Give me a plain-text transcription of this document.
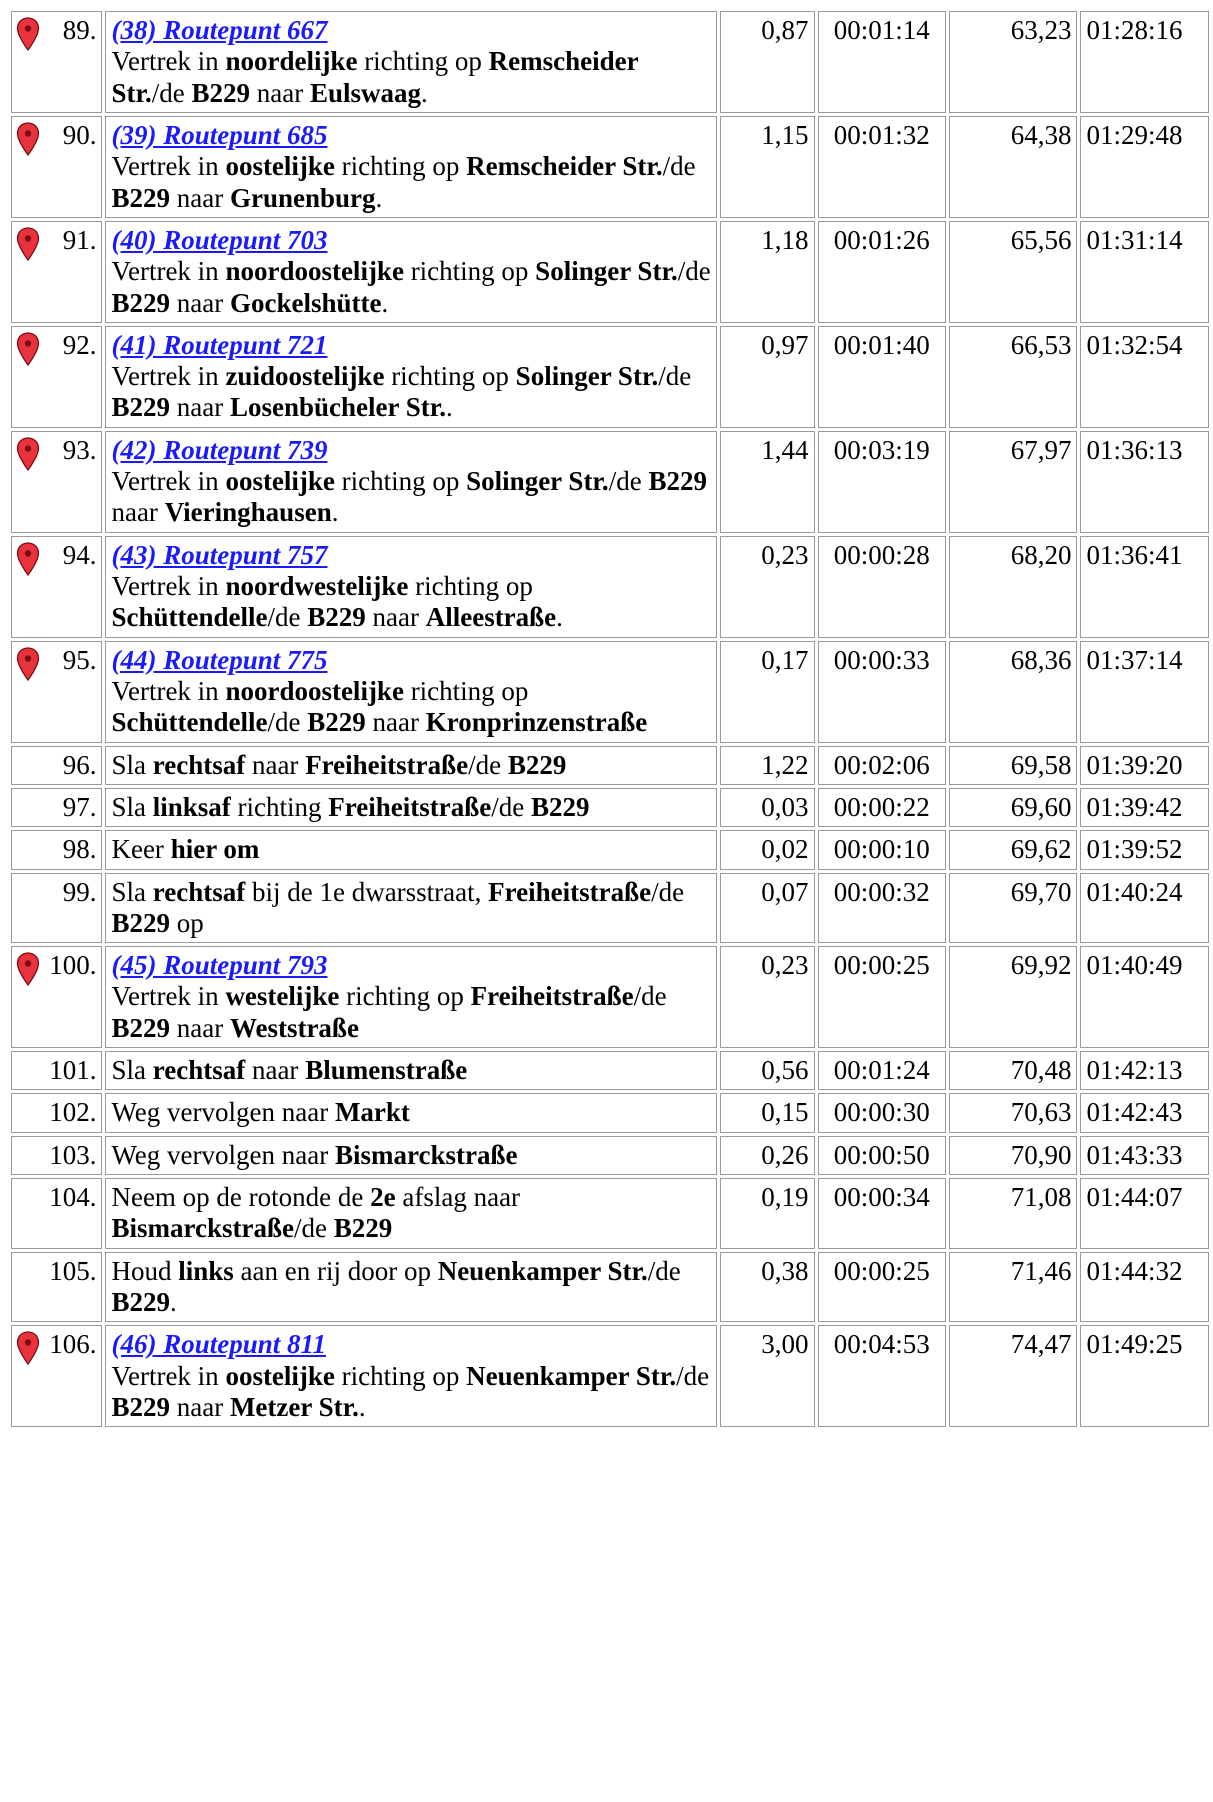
89.	(38) Routepunt 667
Vertrek in noordelijke richting op Remscheider Str./de B229 naar Eulswaag.	0,87	00:01:14	63,23	01:28:16

90.	(39) Routepunt 685
Vertrek in oostelijke richting op Remscheider Str./de B229 naar Grunenburg.	1,15	00:01:32	64,38	01:29:48

91.	(40) Routepunt 703
Vertrek in noordoostelijke richting op Solinger Str./de B229 naar Gockelshütte.	1,18	00:01:26	65,56	01:31:14

92.	(41) Routepunt 721
Vertrek in zuidoostelijke richting op Solinger Str./de B229 naar Losenbücheler Str..	0,97	00:01:40	66,53	01:32:54

93.	(42) Routepunt 739
Vertrek in oostelijke richting op Solinger Str./de B229 naar Vieringhausen.	1,44	00:03:19	67,97	01:36:13

94.	(43) Routepunt 757
Vertrek in noordwestelijke richting op Schüttendelle/de B229 naar Alleestraße.	0,23	00:00:28	68,20	01:36:41

95.	(44) Routepunt 775
Vertrek in noordoostelijke richting op Schüttendelle/de B229 naar Kronprinzenstraße	0,17	00:00:33	68,36	01:37:14
96.	Sla rechtsaf naar Freiheitstraße/de B229	1,22	00:02:06	69,58	01:39:20
97.	Sla linksaf richting Freiheitstraße/de B229	0,03	00:00:22	69,60	01:39:42
98.	Keer hier om	0,02	00:00:10	69,62	01:39:52
99.	Sla rechtsaf bij de 1e dwarsstraat, Freiheitstraße/de B229 op	0,07	00:00:32	69,70	01:40:24

100.	(45) Routepunt 793
Vertrek in westelijke richting op Freiheitstraße/de B229 naar Weststraße	0,23	00:00:25	69,92	01:40:49
101.	Sla rechtsaf naar Blumenstraße	0,56	00:01:24	70,48	01:42:13
102.	Weg vervolgen naar Markt	0,15	00:00:30	70,63	01:42:43
103.	Weg vervolgen naar Bismarckstraße	0,26	00:00:50	70,90	01:43:33
104.	Neem op de rotonde de 2e afslag naar Bismarckstraße/de B229	0,19	00:00:34	71,08	01:44:07
105.	Houd links aan en rij door op Neuenkamper Str./de B229.	0,38	00:00:25	71,46	01:44:32

106.	(46) Routepunt 811
Vertrek in oostelijke richting op Neuenkamper Str./de B229 naar Metzer Str..	3,00	00:04:53	74,47	01:49:25
